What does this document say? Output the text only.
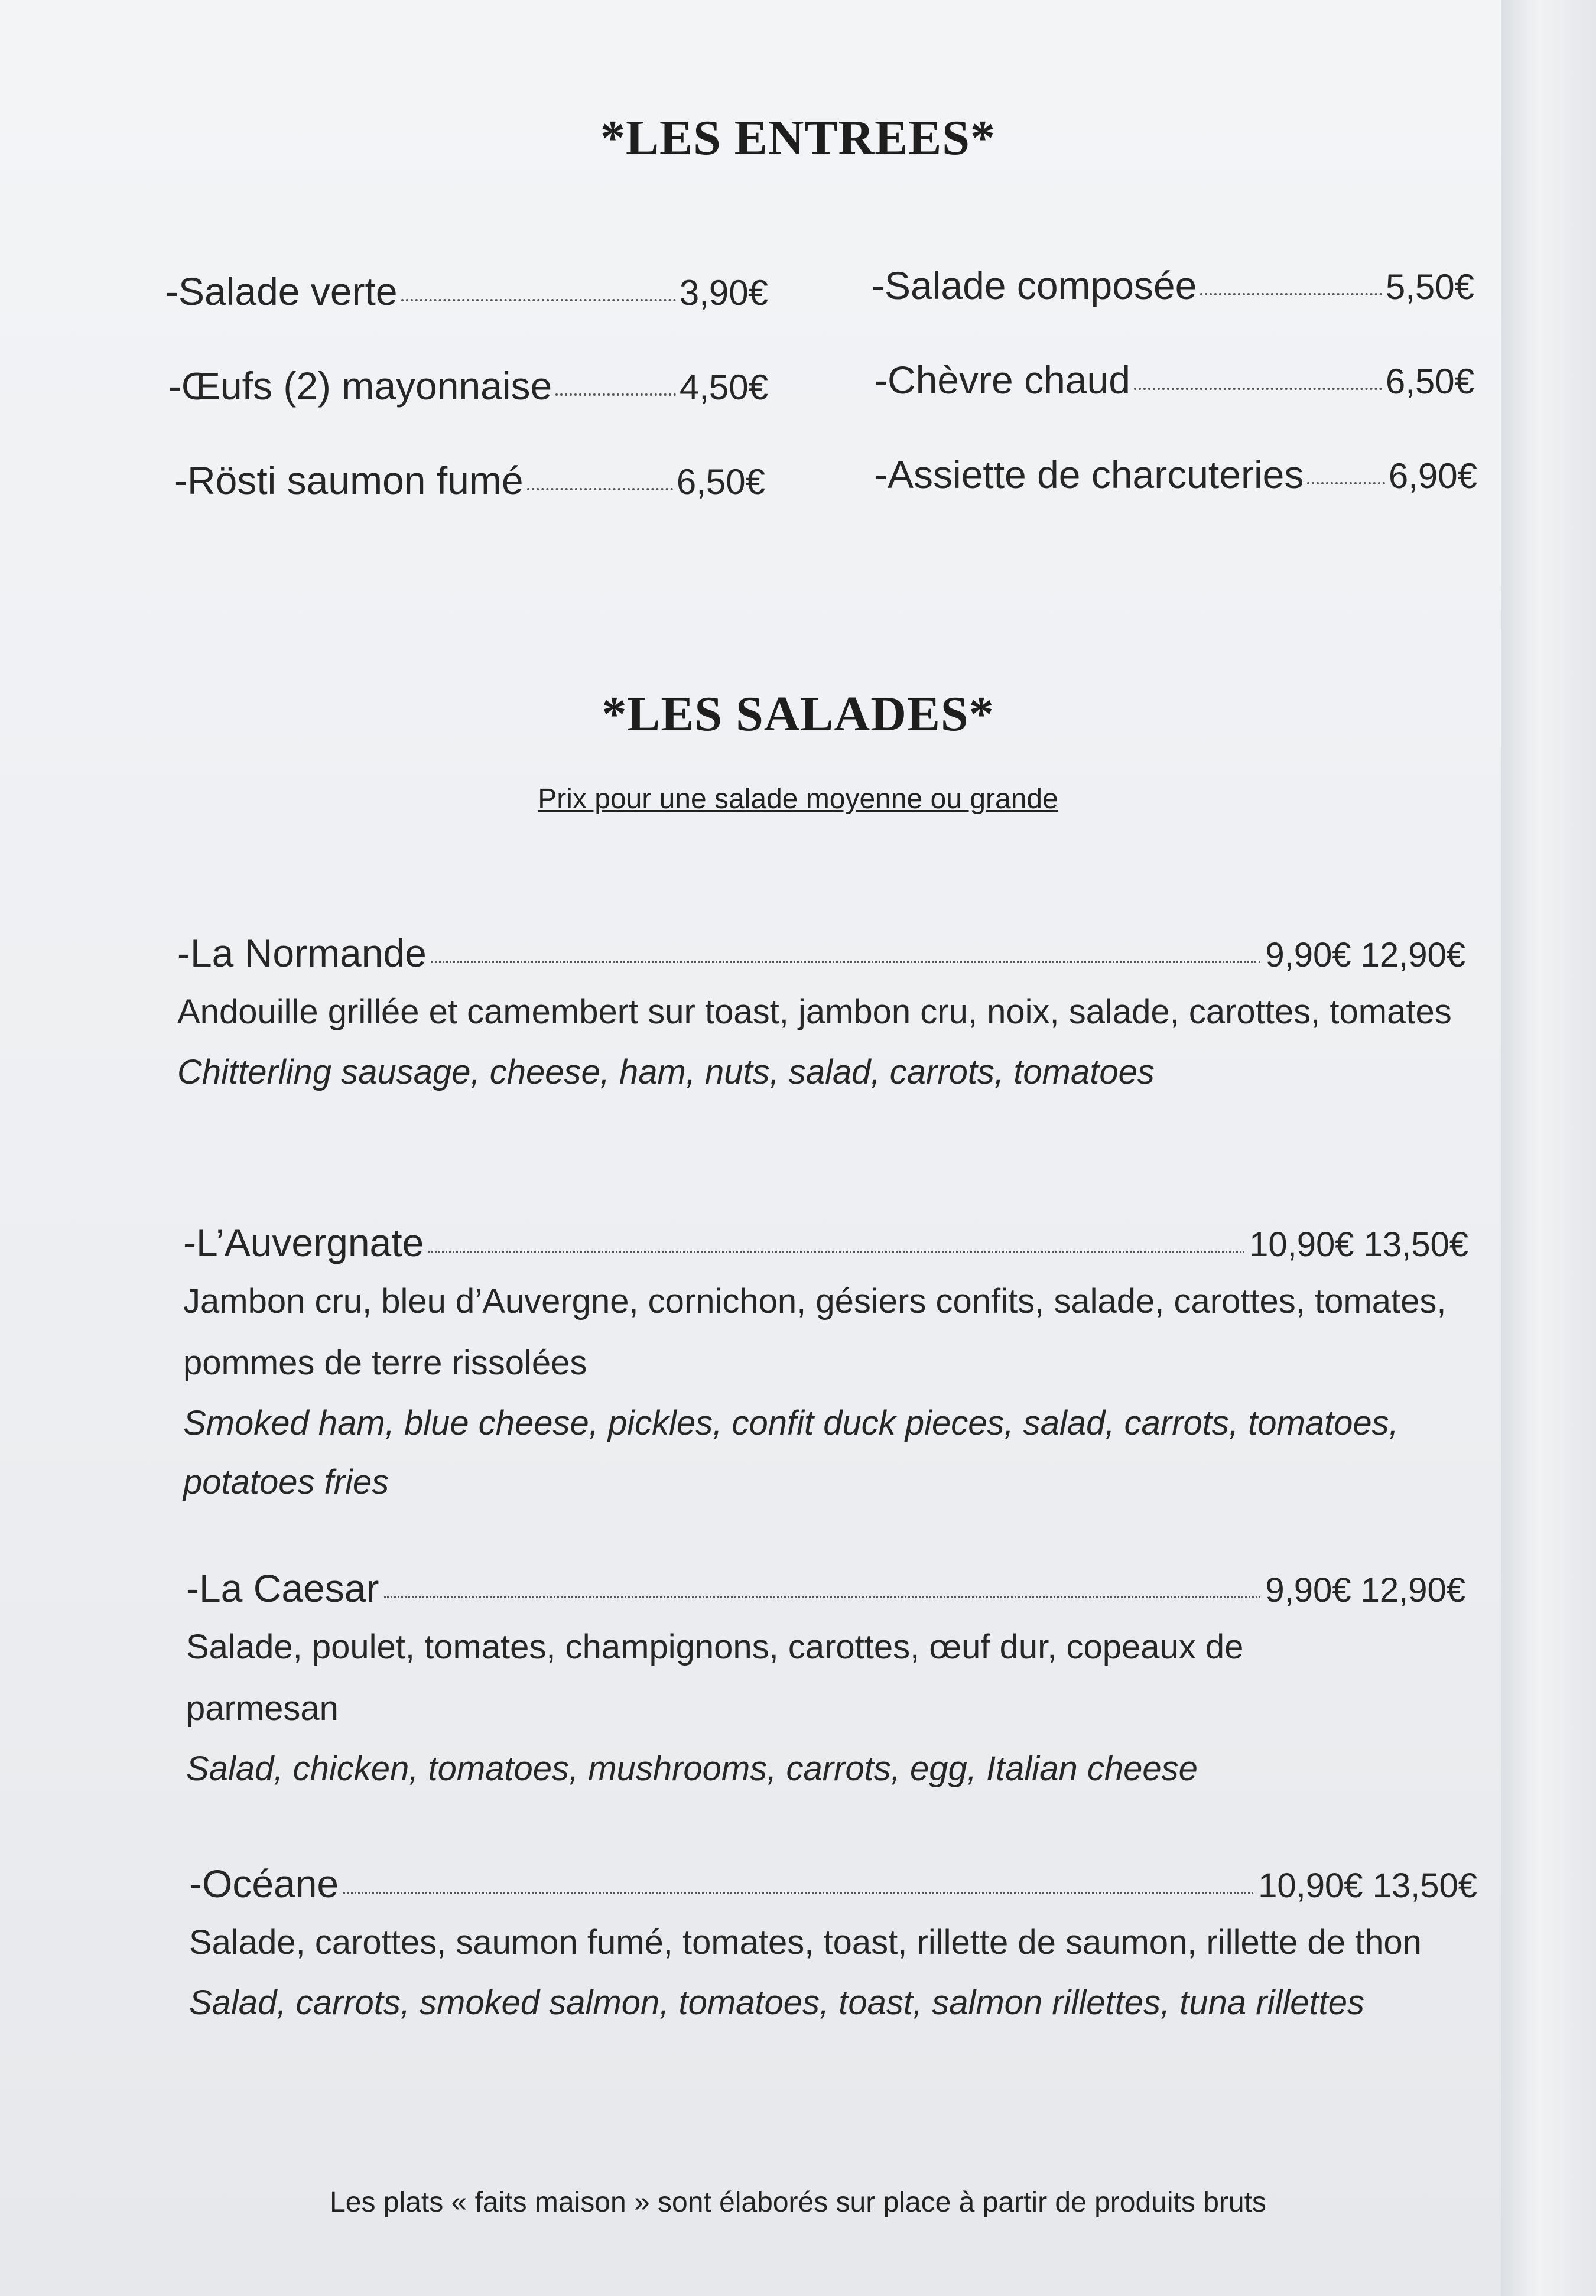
*LES ENTREES*
-Salade verte	3,90€
-Œufs (2) mayonnaise	4,50€
-Rösti saumon fumé	6,50€
-Salade composée	5,50€
-Chèvre chaud	6,50€
-Assiette de charcuteries 6,90€
*LES SALADES*
Prix pour une salade moyenne ou grande
-La Normande	9,90€ 12,90€
Andouille grillée et camembert sur toast, jambon cru, noix, salade, carottes, tomates
Chitterling sausage, cheese, ham, nuts, salad, carrots, tomatoes
-L’Auvergnate	10,90€ 13,50€
Jambon cru, bleu d’Auvergne, cornichon, gésiers confits, salade, carottes, tomates, pommes de terre rissolées
Smoked ham, blue cheese, pickles, confit duck pieces, salad, carrots, tomatoes, potatoes fries
-La Caesar	9,90€ 12,90€
Salade, poulet, tomates, champignons, carottes, œuf dur, copeaux de parmesan
Salad, chicken, tomatoes, mushrooms, carrots, egg, Italian cheese
-Océane	10,90€ 13,50€
Salade, carottes, saumon fumé, tomates, toast, rillette de saumon, rillette de thon
Salad, carrots, smoked salmon, tomatoes, toast, salmon rillettes, tuna rillettes
Les plats « faits maison » sont élaborés sur place à partir de produits bruts
